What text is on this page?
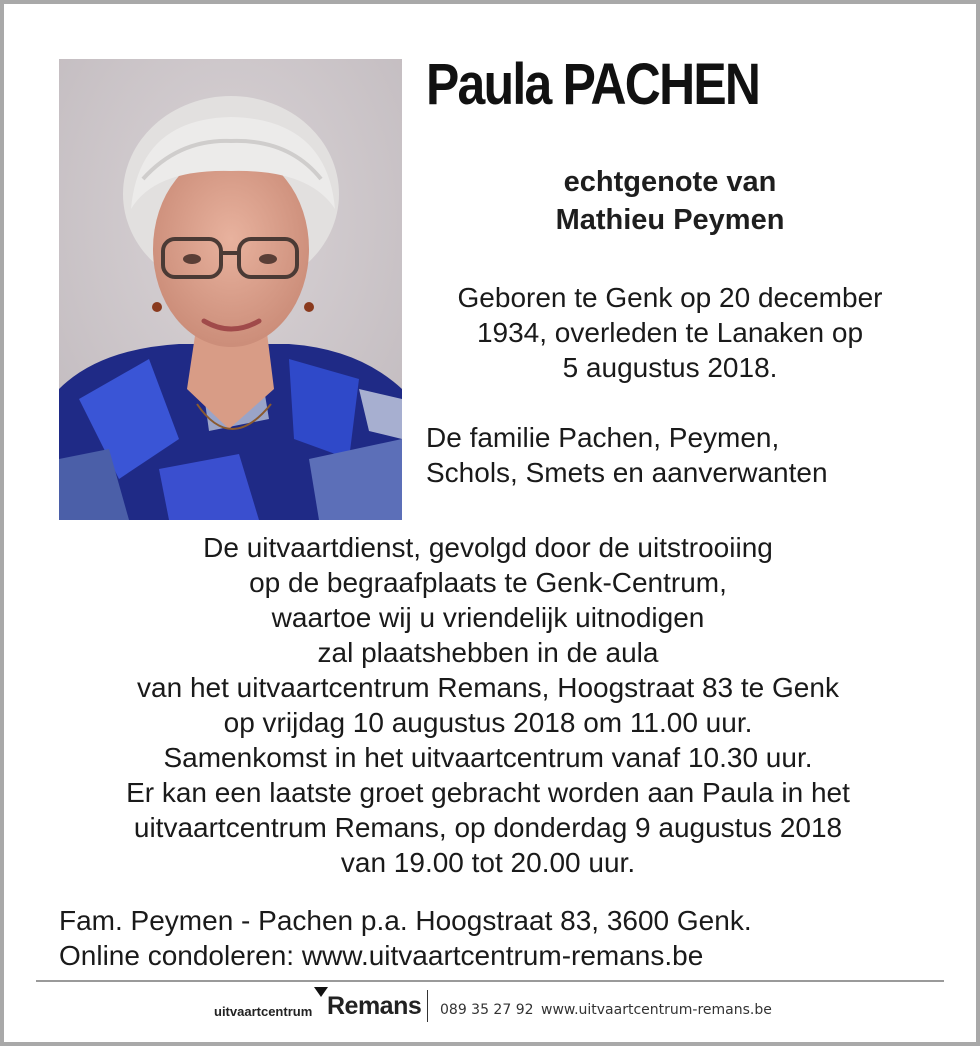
Paula PACHEN
echtgenote van
Mathieu Peymen
Geboren te Genk op 20 december
1934, overleden te Lanaken op
5 augustus 2018.
De familie Pachen, Peymen,
Schols, Smets en aanverwanten
De uitvaartdienst, gevolgd door de uitstrooiing
op de begraafplaats te Genk-Centrum,
waartoe wij u vriendelijk uitnodigen
zal plaatshebben in de aula
van het uitvaartcentrum Remans, Hoogstraat 83 te Genk
op vrijdag 10 augustus 2018 om 11.00 uur.
Samenkomst in het uitvaartcentrum vanaf 10.30 uur.
Er kan een laatste groet gebracht worden aan Paula in het
uitvaartcentrum Remans, op donderdag 9 augustus 2018
van 19.00 tot 20.00 uur.
Fam. Peymen - Pachen p.a. Hoogstraat 83, 3600 Genk.
Online condoleren: www.uitvaartcentrum-remans.be
uitvaartcentrum Remans 089 35 27 92 www.uitvaartcentrum-remans.be
